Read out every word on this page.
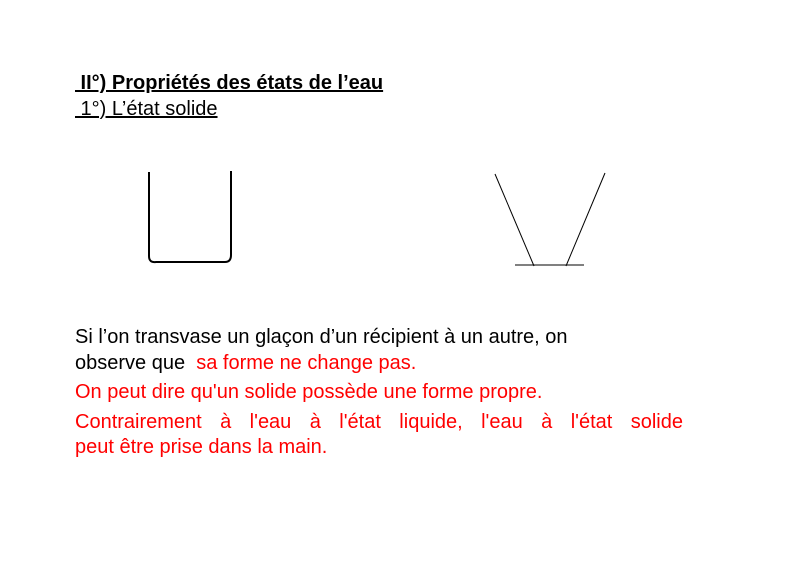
II°) Propriétés des états de l’eau
1°) L’état solide
Si l’on transvase un glaçon d’un récipient à un autre, on
observe que sa forme ne change pas.
On peut dire qu'un solide possède une forme propre.
Contrairement à l'eau à l'état liquide, l'eau à l'état solide
peut être prise dans la main.
